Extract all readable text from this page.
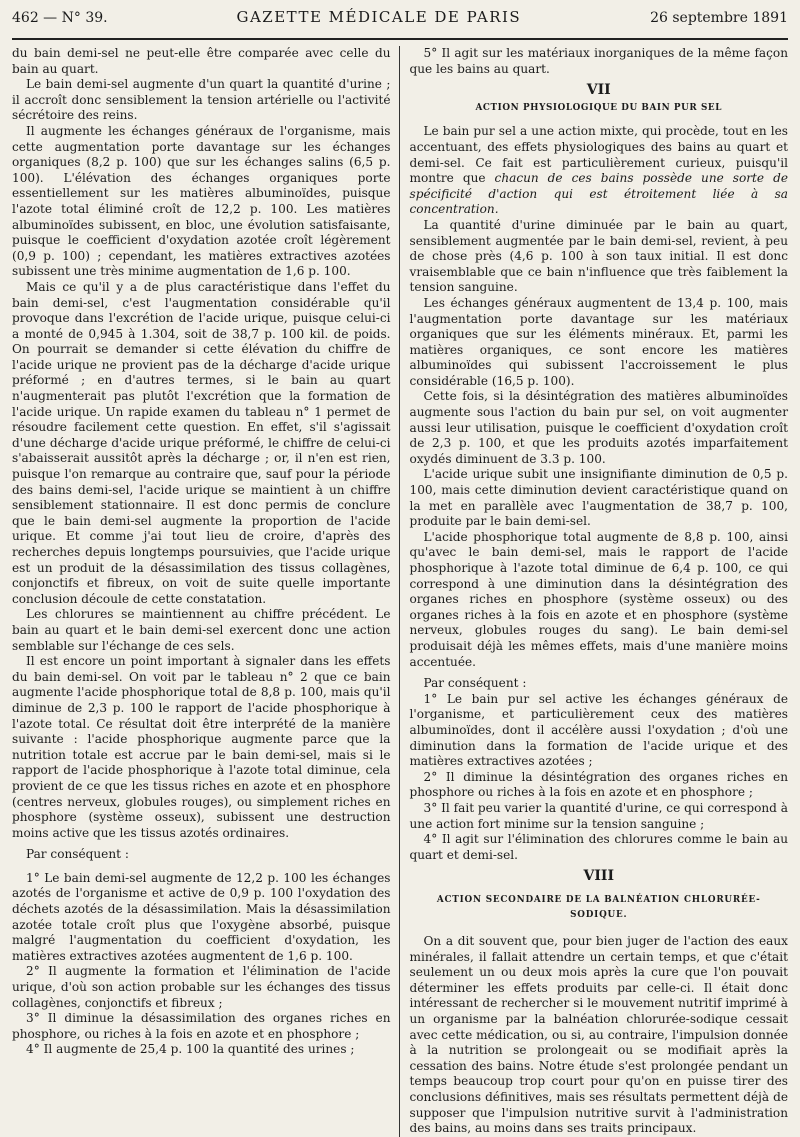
462 — N° 39.	GAZETTE MÉDICALE DE PARIS	26 septembre 1891

du bain demi-sel ne peut-elle être comparée avec celle du bain au quart.

Le bain demi-sel augmente d'un quart la quantité d'urine ; il accroît donc sensiblement la tension artérielle ou l'activité sécrétoire des reins.

Il augmente les échanges généraux de l'organisme, mais cette augmentation porte davantage sur les échanges organiques (8,2 p. 100) que sur les échanges salins (6,5 p. 100). L'élévation des échanges organiques porte essentiellement sur les matières albuminoïdes, puisque l'azote total éliminé croît de 12,2 p. 100. Les matières albuminoïdes subissent, en bloc, une évolution satisfaisante, puisque le coefficient d'oxydation azotée croît légèrement (0,9 p. 100) ; cependant, les matières extractives azotées subissent une très minime augmentation de 1,6 p. 100.

Mais ce qu'il y a de plus caractéristique dans l'effet du bain demi-sel, c'est l'augmentation considérable qu'il provoque dans l'excrétion de l'acide urique, puisque celui-ci a monté de 0,945 à 1.304, soit de 38,7 p. 100 kil. de poids. On pourrait se demander si cette élévation du chiffre de l'acide urique ne provient pas de la décharge d'acide urique préformé ; en d'autres termes, si le bain au quart n'augmenterait pas plutôt l'excrétion que la formation de l'acide urique. Un rapide examen du tableau n° 1 permet de résoudre facilement cette question. En effet, s'il s'agissait d'une décharge d'acide urique préformé, le chiffre de celui-ci s'abaisserait aussitôt après la décharge ; or, il n'en est rien, puisque l'on remarque au contraire que, sauf pour la période des bains demi-sel, l'acide urique se maintient à un chiffre sensiblement stationnaire. Il est donc permis de conclure que le bain demi-sel augmente la proportion de l'acide urique. Et comme j'ai tout lieu de croire, d'après des recherches depuis longtemps poursuivies, que l'acide urique est un produit de la désassimilation des tissus collagènes, conjonctifs et fibreux, on voit de suite quelle importante conclusion découle de cette constatation.

Les chlorures se maintiennent au chiffre précédent. Le bain au quart et le bain demi-sel exercent donc une action semblable sur l'échange de ces sels.

Il est encore un point important à signaler dans les effets du bain demi-sel. On voit par le tableau n° 2 que ce bain augmente l'acide phosphorique total de 8,8 p. 100, mais qu'il diminue de 2,3 p. 100 le rapport de l'acide phosphorique à l'azote total. Ce résultat doit être interprété de la manière suivante : l'acide phosphorique augmente parce que la nutrition totale est accrue par le bain demi-sel, mais si le rapport de l'acide phosphorique à l'azote total diminue, cela provient de ce que les tissus riches en azote et en phosphore (centres nerveux, globules rouges), ou simplement riches en phosphore (système osseux), subissent une destruction moins active que les tissus azotés ordinaires.

Par conséquent :

1° Le bain demi-sel augmente de 12,2 p. 100 les échanges azotés de l'organisme et active de 0,9 p. 100 l'oxydation des déchets azotés de la désassimilation. Mais la désassimilation azotée totale croît plus que l'oxygène absorbé, puisque malgré l'augmentation du coefficient d'oxydation, les matières extractives azotées augmentent de 1,6 p. 100.

2° Il augmente la formation et l'élimination de l'acide urique, d'où son action probable sur les échanges des tissus collagènes, conjonctifs et fibreux ;

3° Il diminue la désassimilation des organes riches en phosphore, ou riches à la fois en azote et en phosphore ;

4° Il augmente de 25,4 p. 100 la quantité des urines ;

5° Il agit sur les matériaux inorganiques de la même façon que les bains au quart.

VII
ACTION PHYSIOLOGIQUE DU BAIN PUR SEL

Le bain pur sel a une action mixte, qui procède, tout en les accentuant, des effets physiologiques des bains au quart et demi-sel. Ce fait est particulièrement curieux, puisqu'il montre que chacun de ces bains possède une sorte de spécificité d'action qui est étroitement liée à sa concentration.

La quantité d'urine diminuée par le bain au quart, sensiblement augmentée par le bain demi-sel, revient, à peu de chose près (4,6 p. 100 à son taux initial. Il est donc vraisemblable que ce bain n'influence que très faiblement la tension sanguine.

Les échanges généraux augmentent de 13,4 p. 100, mais l'augmentation porte davantage sur les matériaux organiques que sur les éléments minéraux. Et, parmi les matières organiques, ce sont encore les matières albuminoïdes qui subissent l'accroissement le plus considérable (16,5 p. 100).

Cette fois, si la désintégration des matières albuminoïdes augmente sous l'action du bain pur sel, on voit augmenter aussi leur utilisation, puisque le coefficient d'oxydation croît de 2,3 p. 100, et que les produits azotés imparfaitement oxydés diminuent de 3.3 p. 100.

L'acide urique subit une insignifiante diminution de 0,5 p. 100, mais cette diminution devient caractéristique quand on la met en parallèle avec l'augmentation de 38,7 p. 100, produite par le bain demi-sel.

L'acide phosphorique total augmente de 8,8 p. 100, ainsi qu'avec le bain demi-sel, mais le rapport de l'acide phosphorique à l'azote total diminue de 6,4 p. 100, ce qui correspond à une diminution dans la désintégration des organes riches en phosphore (système osseux) ou des organes riches à la fois en azote et en phosphore (système nerveux, globules rouges du sang). Le bain demi-sel produisait déjà les mêmes effets, mais d'une manière moins accentuée.

Par conséquent :

1° Le bain pur sel active les échanges généraux de l'organisme, et particulièrement ceux des matières albuminoïdes, dont il accélère aussi l'oxydation ; d'où une diminution dans la formation de l'acide urique et des matières extractives azotées ;

2° Il diminue la désintégration des organes riches en phosphore ou riches à la fois en azote et en phosphore ;

3° Il fait peu varier la quantité d'urine, ce qui correspond à une action fort minime sur la tension sanguine ;

4° Il agit sur l'élimination des chlorures comme le bain au quart et demi-sel.

VIII
ACTION SECONDAIRE DE LA BALNÉATION CHLORURÉE-SODIQUE.

On a dit souvent que, pour bien juger de l'action des eaux minérales, il fallait attendre un certain temps, et que c'était seulement un ou deux mois après la cure que l'on pouvait déterminer les effets produits par celle-ci. Il était donc intéressant de rechercher si le mouvement nutritif imprimé à un organisme par la balnéation chlorurée-sodique cessait avec cette médication, ou si, au contraire, l'impulsion donnée à la nutrition se prolongeait ou se modifiait après la cessation des bains. Notre étude s'est prolongée pendant un temps beaucoup trop court pour qu'on en puisse tirer des conclusions définitives, mais ses résultats permettent déjà de supposer que l'impulsion nutritive survit à l'administration des bains, au moins dans ses traits principaux.
